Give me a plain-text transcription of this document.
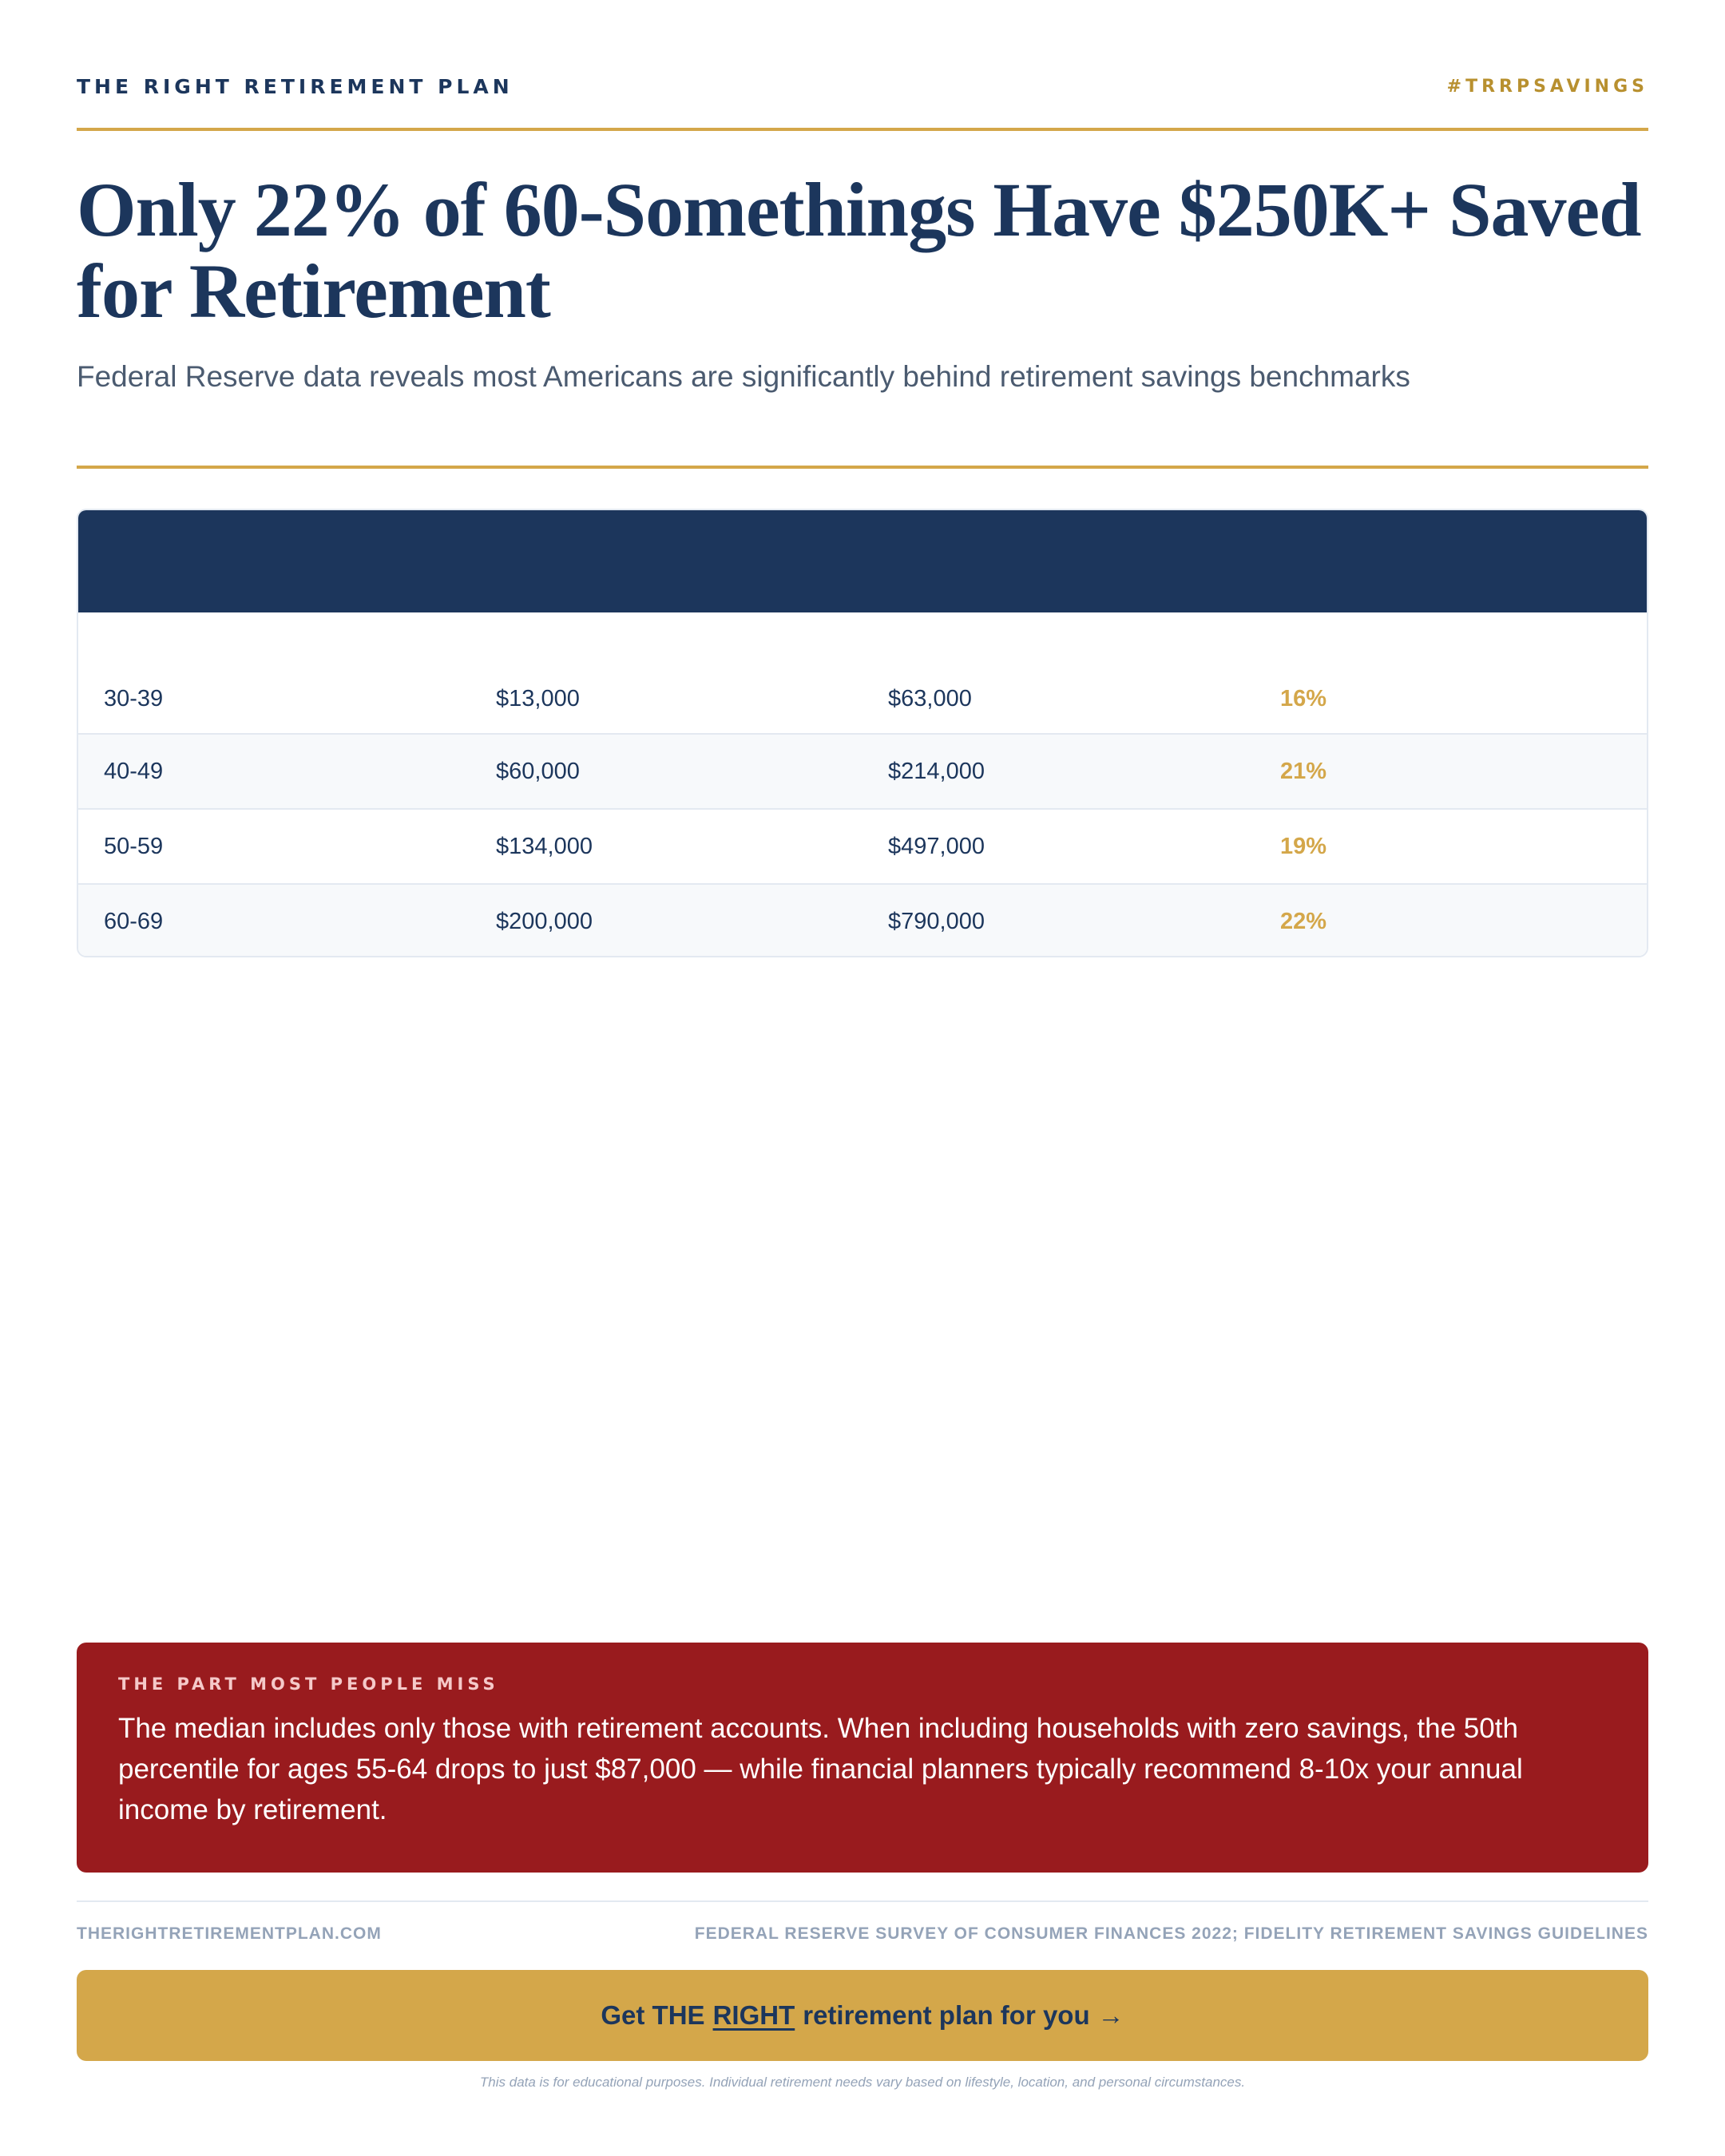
THE RIGHT RETIREMENT PLAN	#TRRPSAVINGS
Only 22% of 60-Somethings Have $250K+ Saved for Retirement

Federal Reserve data reveals most Americans are significantly behind retirement savings benchmarks

30-39	$13,000	$63,000	16%
40-49	$60,000	$214,000	21%
50-59	$134,000	$497,000	19%
60-69	$200,000	$790,000	22%
THE PART MOST PEOPLE MISS
The median includes only those with retirement accounts. When including households with zero savings, the 50th percentile for ages 55-64 drops to just $87,000 — while financial planners typically recommend 8-10x your annual income by retirement.
THERIGHTRETIREMENTPLAN.COM	FEDERAL RESERVE SURVEY OF CONSUMER FINANCES 2022; FIDELITY RETIREMENT SAVINGS GUIDELINES
Get THE RIGHT retirement plan for you →

This data is for educational purposes. Individual retirement needs vary based on lifestyle, location, and personal circumstances.
